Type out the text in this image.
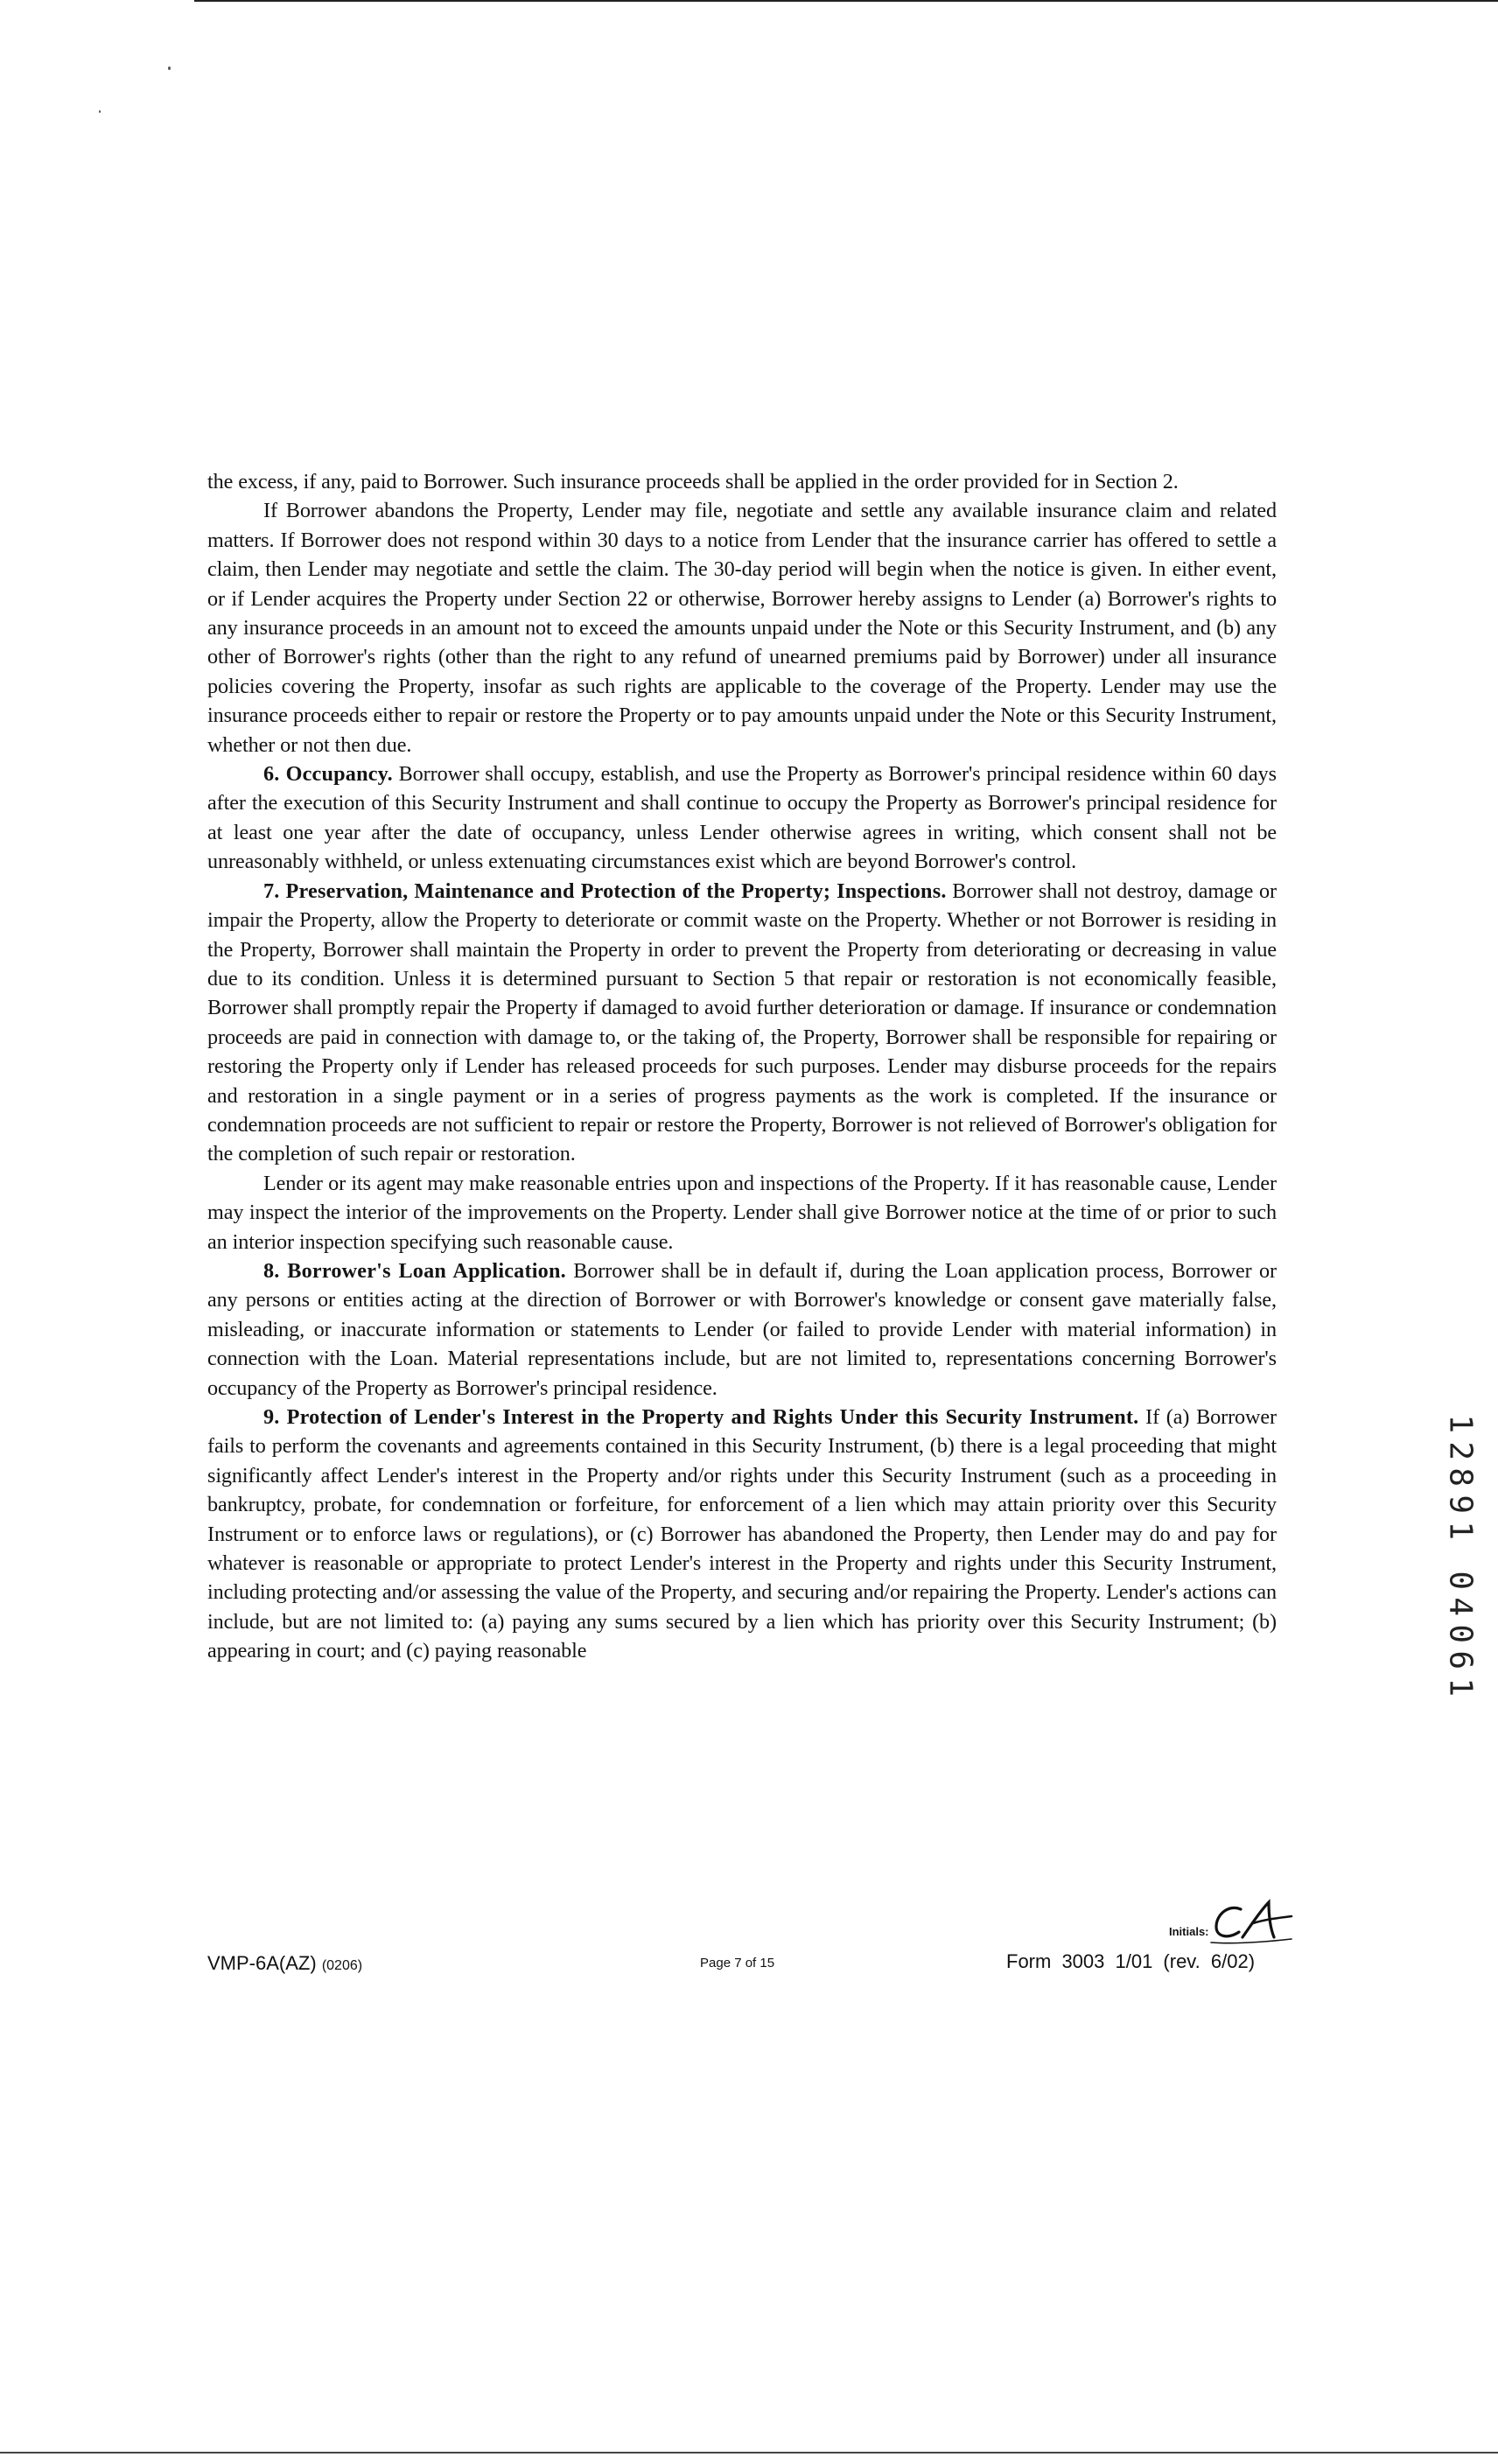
the excess, if any, paid to Borrower. Such insurance proceeds shall be applied in the order provided for in Section 2.

If Borrower abandons the Property, Lender may file, negotiate and settle any available insurance claim and related matters. If Borrower does not respond within 30 days to a notice from Lender that the insurance carrier has offered to settle a claim, then Lender may negotiate and settle the claim. The 30-day period will begin when the notice is given. In either event, or if Lender acquires the Property under Section 22 or otherwise, Borrower hereby assigns to Lender (a) Borrower's rights to any insurance proceeds in an amount not to exceed the amounts unpaid under the Note or this Security Instrument, and (b) any other of Borrower's rights (other than the right to any refund of unearned premiums paid by Borrower) under all insurance policies covering the Property, insofar as such rights are applicable to the coverage of the Property. Lender may use the insurance proceeds either to repair or restore the Property or to pay amounts unpaid under the Note or this Security Instrument, whether or not then due.

6. Occupancy. Borrower shall occupy, establish, and use the Property as Borrower's principal residence within 60 days after the execution of this Security Instrument and shall continue to occupy the Property as Borrower's principal residence for at least one year after the date of occupancy, unless Lender otherwise agrees in writing, which consent shall not be unreasonably withheld, or unless extenuating circumstances exist which are beyond Borrower's control.

7. Preservation, Maintenance and Protection of the Property; Inspections. Borrower shall not destroy, damage or impair the Property, allow the Property to deteriorate or commit waste on the Property. Whether or not Borrower is residing in the Property, Borrower shall maintain the Property in order to prevent the Property from deteriorating or decreasing in value due to its condition. Unless it is determined pursuant to Section 5 that repair or restoration is not economically feasible, Borrower shall promptly repair the Property if damaged to avoid further deterioration or damage. If insurance or condemnation proceeds are paid in connection with damage to, or the taking of, the Property, Borrower shall be responsible for repairing or restoring the Property only if Lender has released proceeds for such purposes. Lender may disburse proceeds for the repairs and restoration in a single payment or in a series of progress payments as the work is completed. If the insurance or condemnation proceeds are not sufficient to repair or restore the Property, Borrower is not relieved of Borrower's obligation for the completion of such repair or restoration.

Lender or its agent may make reasonable entries upon and inspections of the Property. If it has reasonable cause, Lender may inspect the interior of the improvements on the Property. Lender shall give Borrower notice at the time of or prior to such an interior inspection specifying such reasonable cause.

8. Borrower's Loan Application. Borrower shall be in default if, during the Loan application process, Borrower or any persons or entities acting at the direction of Borrower or with Borrower's knowledge or consent gave materially false, misleading, or inaccurate information or statements to Lender (or failed to provide Lender with material information) in connection with the Loan. Material representations include, but are not limited to, representations concerning Borrower's occupancy of the Property as Borrower's principal residence.

9. Protection of Lender's Interest in the Property and Rights Under this Security Instrument. If (a) Borrower fails to perform the covenants and agreements contained in this Security Instrument, (b) there is a legal proceeding that might significantly affect Lender's interest in the Property and/or rights under this Security Instrument (such as a proceeding in bankruptcy, probate, for condemnation or forfeiture, for enforcement of a lien which may attain priority over this Security Instrument or to enforce laws or regulations), or (c) Borrower has abandoned the Property, then Lender may do and pay for whatever is reasonable or appropriate to protect Lender's interest in the Property and rights under this Security Instrument, including protecting and/or assessing the value of the Property, and securing and/or repairing the Property. Lender's actions can include, but are not limited to: (a) paying any sums secured by a lien which has priority over this Security Instrument; (b) appearing in court; and (c) paying reasonable

Initials:
VMP-6A(AZ) (0206)	Page 7 of 15	Form 3003 1/01 (rev. 6/02)
1
2
8
9
1
0
4
0
6
1
